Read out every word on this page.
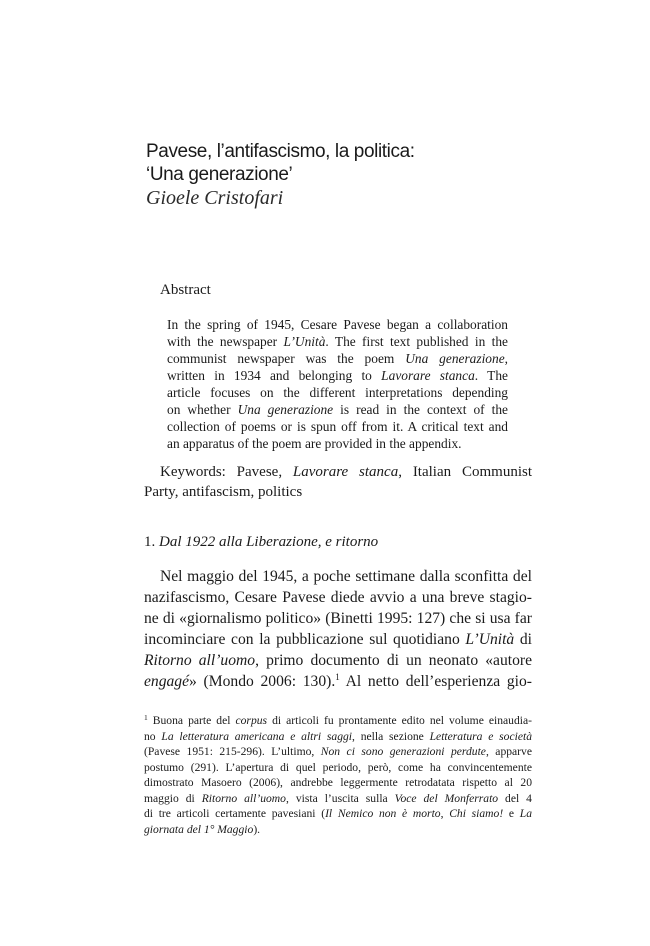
Pavese, l’antifascismo, la politica:
‘Una generazione’
Gioele Cristofari
Abstract
In the spring of 1945, Cesare Pavese began a collaboration
with the newspaper L’Unità. The first text published in the
communist newspaper was the poem Una generazione,
written in 1934 and belonging to Lavorare stanca. The
article focuses on the different interpretations depending
on whether Una generazione is read in the context of the
collection of poems or is spun off from it. A critical text and
an apparatus of the poem are provided in the appendix.
Keywords: Pavese, Lavorare stanca, Italian Communist
Party, antifascism, politics
1. Dal 1922 alla Liberazione, e ritorno
Nel maggio del 1945, a poche settimane dalla sconfitta del
nazifascismo, Cesare Pavese diede avvio a una breve stagio-
ne di «giornalismo politico» (Binetti 1995: 127) che si usa far
incominciare con la pubblicazione sul quotidiano L’Unità di
Ritorno all’uomo, primo documento di un neonato «autore
engagé» (Mondo 2006: 130).$^1$ Al netto dell’esperienza gio-
$^1$ Buona parte del corpus di articoli fu prontamente edito nel volume einaudia-
no La letteratura americana e altri saggi, nella sezione Letteratura e società
(Pavese 1951: 215-296). L’ultimo, Non ci sono generazioni perdute, apparve
postumo (291). L’apertura di quel periodo, però, come ha convincentemente
dimostrato Masoero (2006), andrebbe leggermente retrodatata rispetto al 20
maggio di Ritorno all’uomo, vista l’uscita sulla Voce del Monferrato del 4
di tre articoli certamente pavesiani (Il Nemico non è morto, Chi siamo! e La
giornata del 1° Maggio).
